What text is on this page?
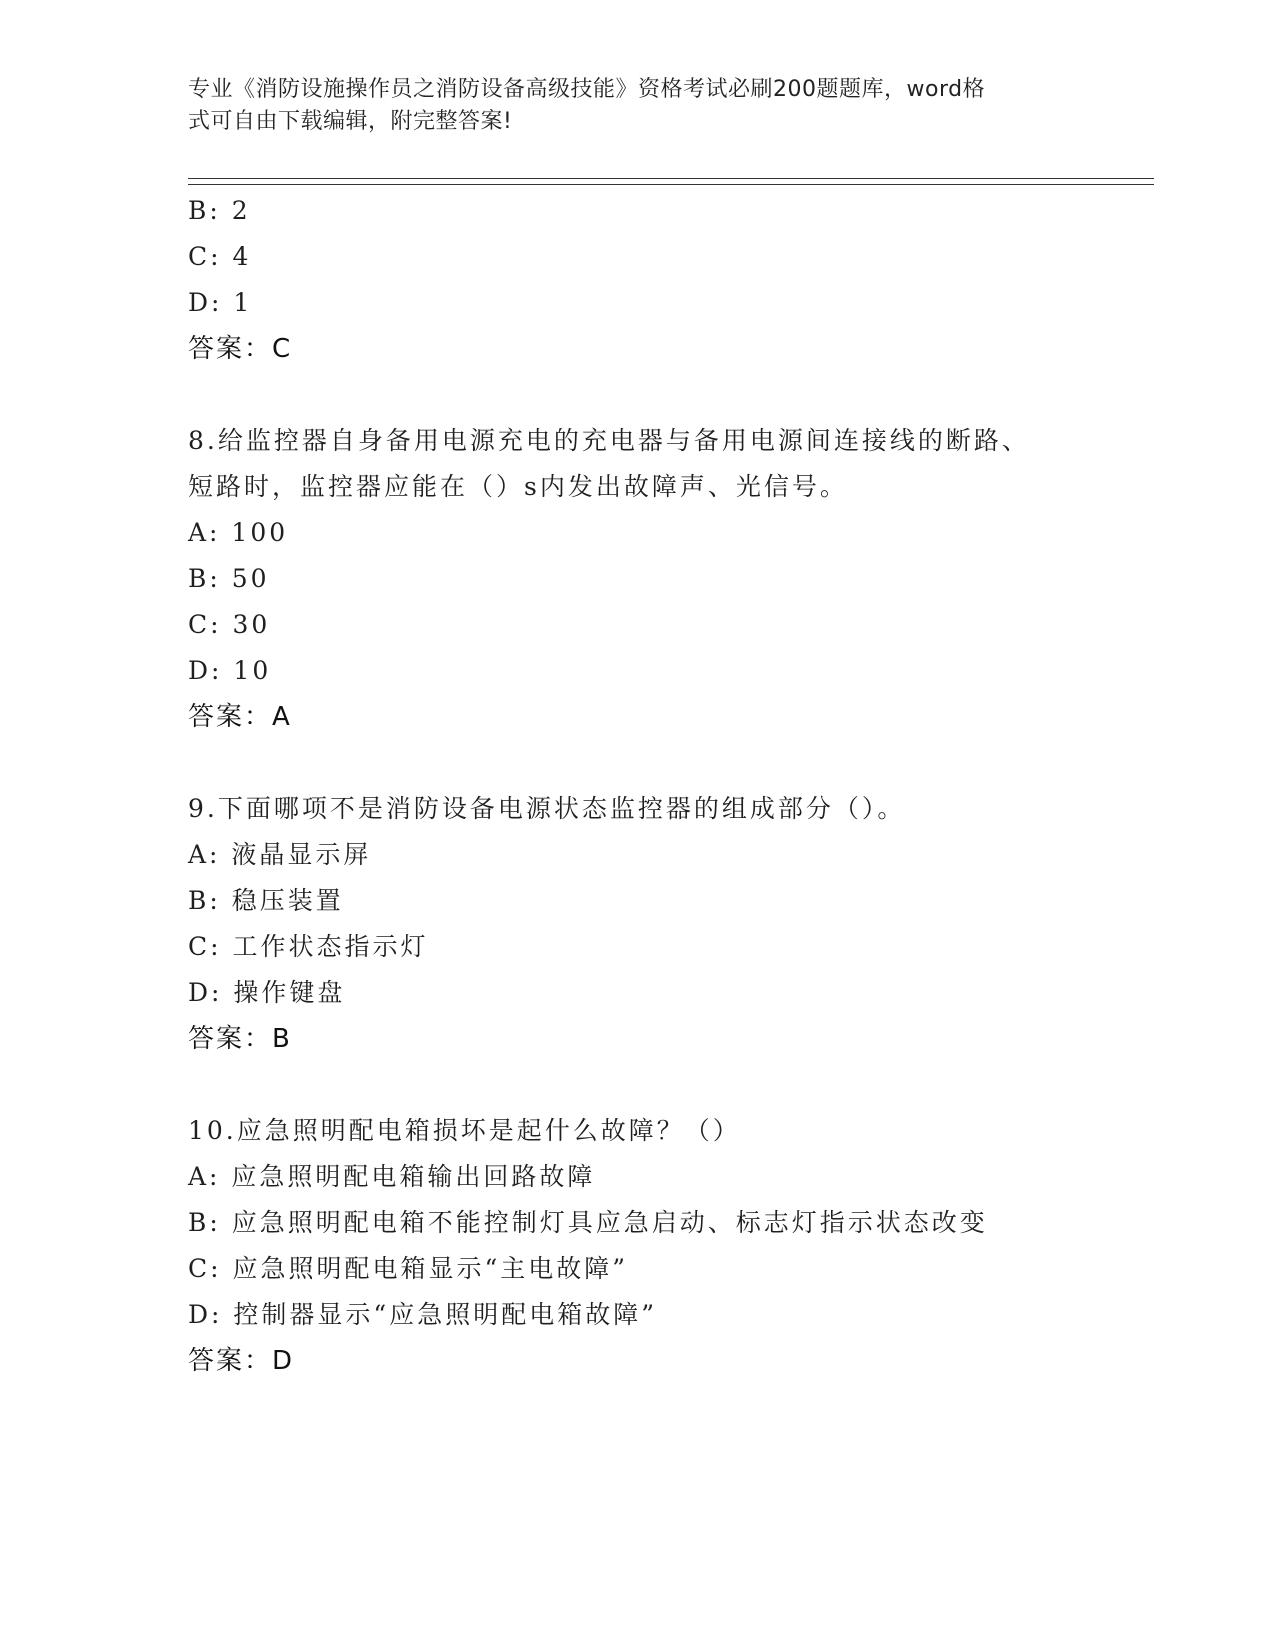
专业《消防设施操作员之消防设备高级技能》资格考试必刷200题题库，word格
式可自由下载编辑，附完整答案!
B: 2
C: 4
D: 1
答案：C
8.给监控器自身备用电源充电的充电器与备用电源间连接线的断路、
短路时，监控器应能在（）s内发出故障声、光信号。
A: 100
B: 50
C: 30
D: 10
答案：A
9.下面哪项不是消防设备电源状态监控器的组成部分（）。
A: 液晶显示屏
B: 稳压装置
C: 工作状态指示灯
D: 操作键盘
答案：B
10.应急照明配电箱损坏是起什么故障？（）
A: 应急照明配电箱输出回路故障
B: 应急照明配电箱不能控制灯具应急启动、标志灯指示状态改变
C: 应急照明配电箱显示“主电故障”
D: 控制器显示“应急照明配电箱故障”
答案：D
